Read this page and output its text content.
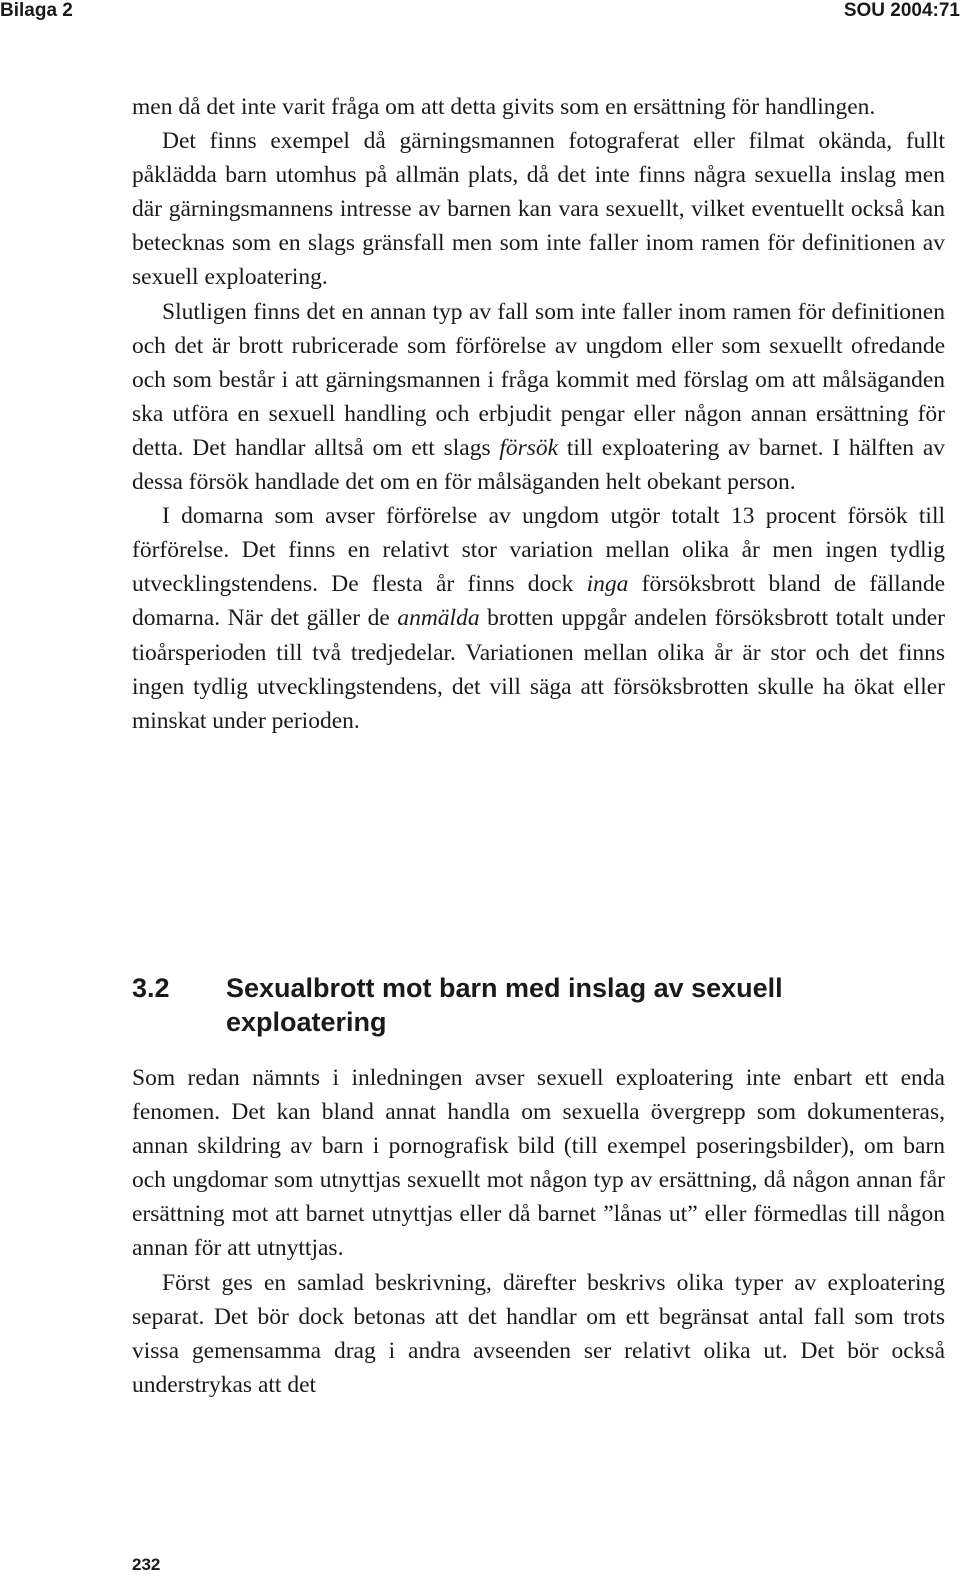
Bilaga 2	SOU 2004:71

men då det inte varit fråga om att detta givits som en ersättning för handlingen.

Det finns exempel då gärningsmannen fotograferat eller filmat okända, fullt påklädda barn utomhus på allmän plats, då det inte finns några sexuella inslag men där gärningsmannens intresse av barnen kan vara sexuellt, vilket eventuellt också kan betecknas som en slags gränsfall men som inte faller inom ramen för definitionen av sexuell exploatering.

Slutligen finns det en annan typ av fall som inte faller inom ramen för definitionen och det är brott rubricerade som förförelse av ungdom eller som sexuellt ofredande och som består i att gärningsmannen i fråga kommit med förslag om att målsäganden ska utföra en sexuell handling och erbjudit pengar eller någon annan ersättning för detta. Det handlar alltså om ett slags försök till exploatering av barnet. I hälften av dessa försök handlade det om en för målsäganden helt obekant person.

I domarna som avser förförelse av ungdom utgör totalt 13 procent försök till förförelse. Det finns en relativt stor variation mellan olika år men ingen tydlig utvecklingstendens. De flesta år finns dock inga försöksbrott bland de fällande domarna. När det gäller de anmälda brotten uppgår andelen försöksbrott totalt under tioårsperioden till två tredjedelar. Variationen mellan olika år är stor och det finns ingen tydlig utvecklingstendens, det vill säga att försöksbrotten skulle ha ökat eller minskat under perioden.

3.2 Sexualbrott mot barn med inslag av sexuell exploatering

Som redan nämnts i inledningen avser sexuell exploatering inte enbart ett enda fenomen. Det kan bland annat handla om sexuella övergrepp som dokumenteras, annan skildring av barn i pornografisk bild (till exempel poseringsbilder), om barn och ungdomar som utnyttjas sexuellt mot någon typ av ersättning, då någon annan får ersättning mot att barnet utnyttjas eller då barnet ”lånas ut” eller förmedlas till någon annan för att utnyttjas.

Först ges en samlad beskrivning, därefter beskrivs olika typer av exploatering separat. Det bör dock betonas att det handlar om ett begränsat antal fall som trots vissa gemensamma drag i andra avseenden ser relativt olika ut. Det bör också understrykas att det

232
